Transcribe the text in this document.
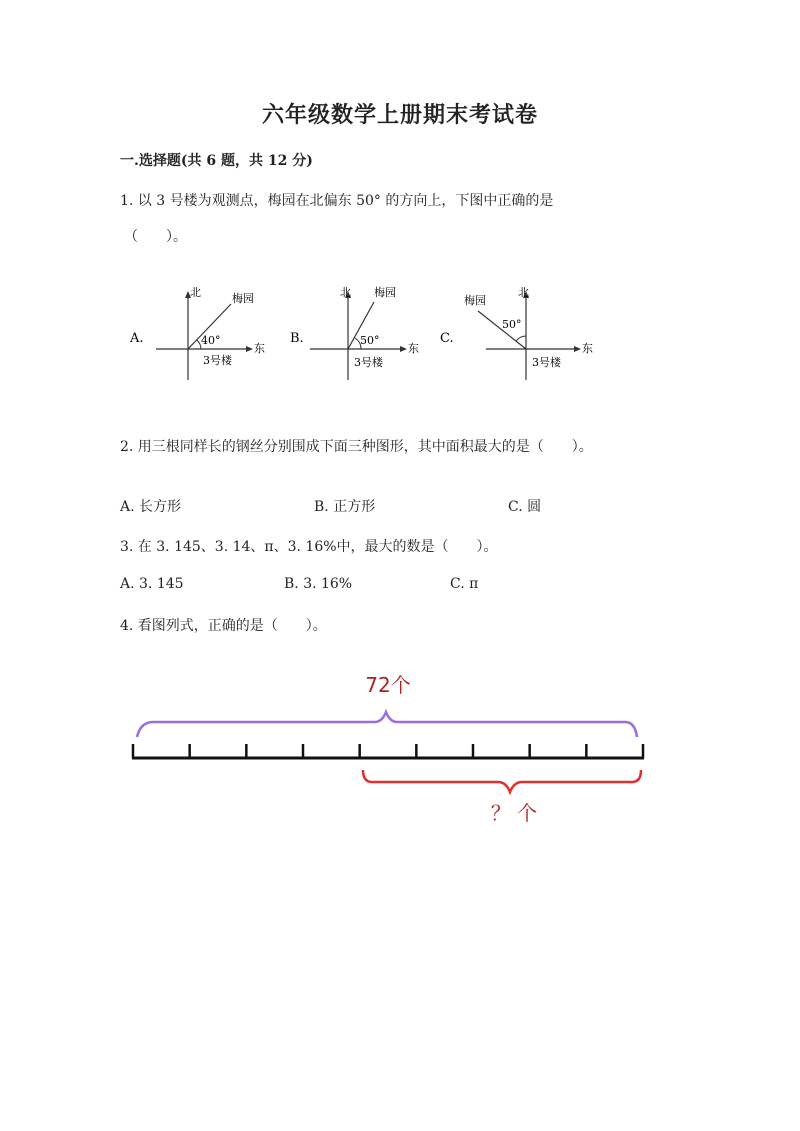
六年级数学上册期末考试卷
一.选择题(共 6 题，共 12 分)
1. 以 3 号楼为观测点，梅园在北偏东 50° 的方向上，下图中正确的是
（　　）。
A.
北
东
梅园
40°
3号楼
B.
北
东
梅园
50°
3号楼
C.
北
东
梅园
50°
3号楼
2. 用三根同样长的钢丝分别围成下面三种图形，其中面积最大的是（　　）。
A. 长方形	B. 正方形	C. 圆
3. 在 3. 145、3. 14、π、3. 16%中，最大的数是（　　）。
A. 3. 145	B. 3. 16%	C. π
4. 看图列式，正确的是（　　）。
72个
？ 个
